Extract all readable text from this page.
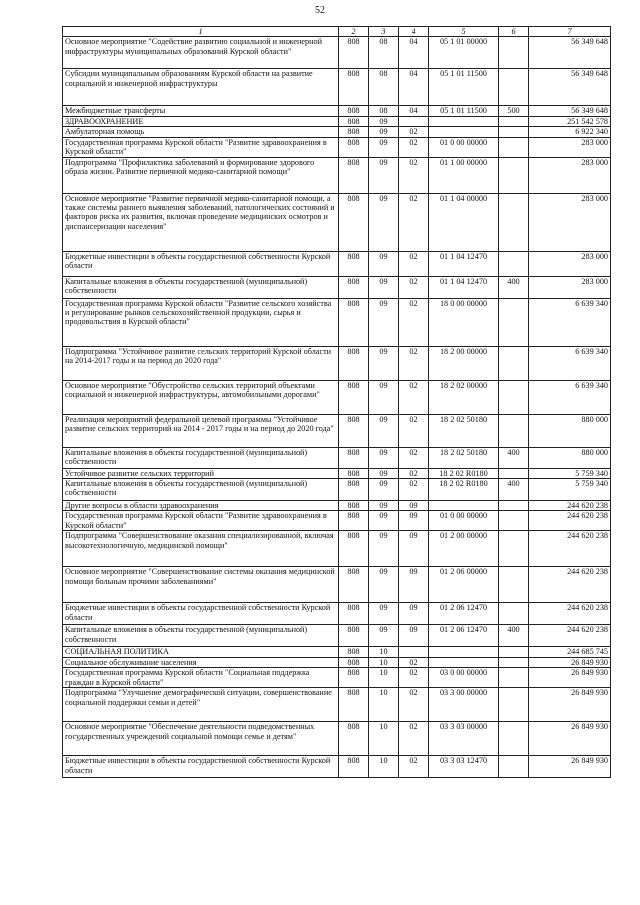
52
1	2	3	4	5	6	7
Основное мероприятие "Содействие развитию социальной и инженерной инфраструктуры муниципальных образований Курской области"	808	08	04	05 1 01 00000		56 349 648
Субсидии муниципальным образованиям Курской области на развитие социальной и инженерной инфраструктуры	808	08	04	05 1 01 11500		56 349 648
Межбюджетные трансферты	808	08	04	05 1 01 11500	500	56 349 648
ЗДРАВООХРАНЕНИЕ	808	09				251 542 578
Амбулаторная помощь	808	09	02			6 922 340
Государственная программа Курской области "Развитие здравоохранения в Курской области"	808	09	02	01 0 00 00000		283 000
Подпрограмма "Профилактика заболеваний и формирование здорового образа жизни. Развитие первичной медико-санитарной помощи"	808	09	02	01 1 00 00000		283 000
Основное мероприятие "Развитие первичной медико-санитарной помощи, а также системы раннего выявления заболеваний, патологических состояний и факторов риска их развития, включая проведение медицинских осмотров и диспансеризации населения"	808	09	02	01 1 04 00000		283 000
Бюджетные инвестиции в объекты государственной собственности Курской области	808	09	02	01 1 04 12470		283 000
Капитальные вложения в объекты государственной (муниципальной) собственности	808	09	02	01 1 04 12470	400	283 000
Государственная программа Курской области "Развитие сельского хозяйства и регулирование рынков сельскохозяйственной продукции, сырья и продовольствия в Курской области"	808	09	02	18 0 00 00000		6 639 340
Подпрограмма "Устойчивое развитие сельских территорий Курской области на 2014-2017 годы и на период до 2020 года"	808	09	02	18 2 00 00000		6 639 340
Основное мероприятие "Обустройство сельских территорий объектами социальной и инженерной инфраструктуры, автомобильными дорогами"	808	09	02	18 2 02 00000		6 639 340
Реализация мероприятий федеральной целевой программы "Устойчивое развитие сельских территорий на 2014 - 2017 годы и на период до 2020 года"	808	09	02	18 2 02 50180		880 000
Капитальные вложения в объекты государственной (муниципальной) собственности	808	09	02	18 2 02 50180	400	880 000
Устойчивое развитие сельских территорий	808	09	02	18 2 02 R0180		5 759 340
Капитальные вложения в объекты государственной (муниципальной) собственности	808	09	02	18 2 02 R0180	400	5 759 340
Другие вопросы в области здравоохранения	808	09	09			244 620 238
Государственная программа Курской области "Развитие здравоохранения в Курской области"	808	09	09	01 0 00 00000		244 620 238
Подпрограмма "Совершенствование оказания специализированной, включая высокотехнологичную, медицинской помощи"	808	09	09	01 2 00 00000		244 620 238
Основное мероприятие "Совершенствование системы оказания медицинской помощи больным прочими заболеваниями"	808	09	09	01 2 06 00000		244 620 238
Бюджетные инвестиции в объекты государственной собственности Курской области	808	09	09	01 2 06 12470		244 620 238
Капитальные вложения в объекты государственной (муниципальной) собственности	808	09	09	01 2 06 12470	400	244 620 238
СОЦИАЛЬНАЯ ПОЛИТИКА	808	10				244 685 745
Социальное обслуживание населения	808	10	02			26 849 930
Государственная программа Курской области "Социальная поддержка граждан в Курской области"	808	10	02	03 0 00 00000		26 849 930
Подпрограмма "Улучшение демографической ситуации, совершенствование социальной поддержки семьи и детей"	808	10	02	03 3 00 00000		26 849 930
Основное мероприятие "Обеспечение деятельности подведомственных государственных учреждений социальной помощи семье и детям"	808	10	02	03 3 03 00000		26 849 930
Бюджетные инвестиции в объекты государственной собственности Курской области	808	10	02	03 3 03 12470		26 849 930
